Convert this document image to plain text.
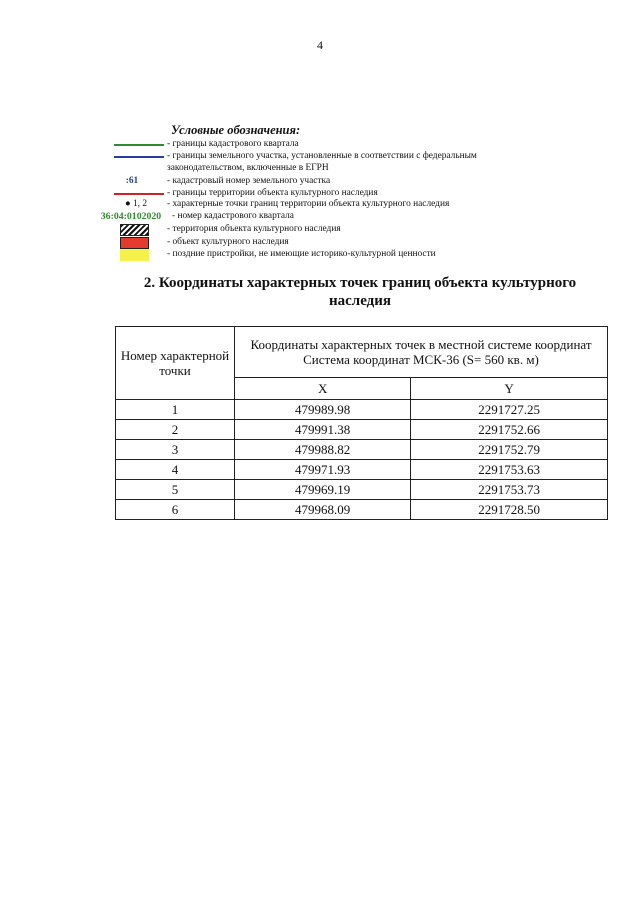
4
Условные обозначения:
- границы кадастрового квартала
- границы земельного участка, установленные в соответствии с федеральным
законодательством, включенные в ЕГРН
:61	- кадастровый номер земельного участка
- границы территории объекта культурного наследия
● 1, 2	- характерные точки границ территории объекта культурного наследия
36:04:0102020	- номер кадастрового квартала
- территория объекта культурного наследия
- объект культурного наследия
- поздние пристройки, не имеющие историко-культурной ценности
2. Координаты характерных точек границ объекта культурного наследия
Номер характерной точки	Координаты характерных точек в местной системе координат
Система координат МСК-36 (S= 560 кв. м)	

	X	Y
1	479989.98	2291727.25
2	479991.38	2291752.66
3	479988.82	2291752.79
4	479971.93	2291753.63
5	479969.19	2291753.73
6	479968.09	2291728.50
